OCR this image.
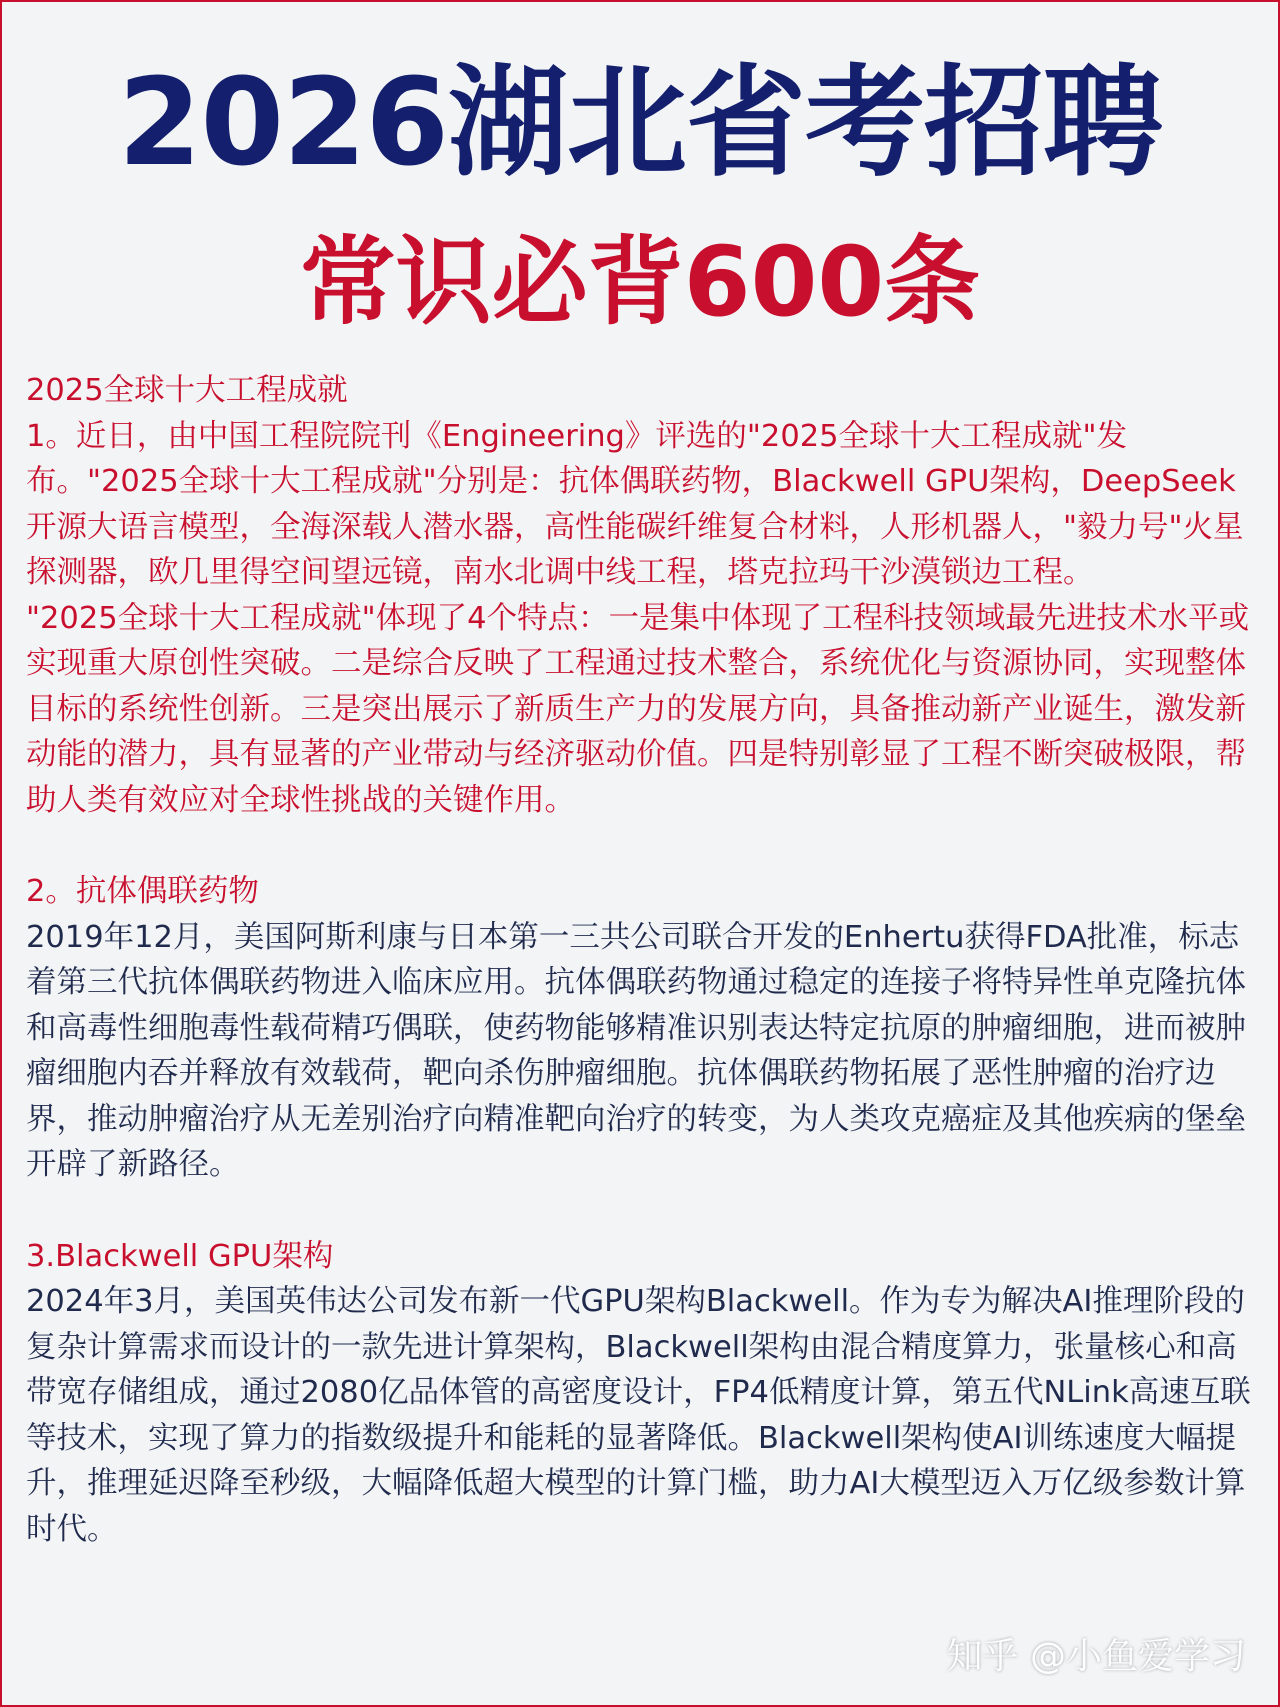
2026湖北省考招聘
常识必背600条

2025全球十大工程成就

1。近日，由中国工程院院刊《Engineering》评选的"2025全球十大工程成就"发布。"2025全球十大工程成就"分别是：抗体偶联药物，Blackwell GPU架构，DeepSeek开源大语言模型，全海深载人潜水器，高性能碳纤维复合材料，人形机器人，"毅力号"火星探测器，欧几里得空间望远镜，南水北调中线工程，塔克拉玛干沙漠锁边工程。

"2025全球十大工程成就"体现了4个特点：一是集中体现了工程科技领域最先进技术水平或实现重大原创性突破。二是综合反映了工程通过技术整合，系统优化与资源协同，实现整体目标的系统性创新。三是突出展示了新质生产力的发展方向，具备推动新产业诞生，激发新动能的潜力，具有显著的产业带动与经济驱动价值。四是特别彰显了工程不断突破极限，帮助人类有效应对全球性挑战的关键作用。

2。抗体偶联药物

2019年12月，美国阿斯利康与日本第一三共公司联合开发的Enhertu获得FDA批准，标志着第三代抗体偶联药物进入临床应用。抗体偶联药物通过稳定的连接子将特异性单克隆抗体和高毒性细胞毒性载荷精巧偶联，使药物能够精准识别表达特定抗原的肿瘤细胞，进而被肿瘤细胞内吞并释放有效载荷，靶向杀伤肿瘤细胞。抗体偶联药物拓展了恶性肿瘤的治疗边界，推动肿瘤治疗从无差别治疗向精准靶向治疗的转变，为人类攻克癌症及其他疾病的堡垒开辟了新路径。

3.Blackwell GPU架构

2024年3月，美国英伟达公司发布新一代GPU架构Blackwell。作为专为解决AI推理阶段的复杂计算需求而设计的一款先进计算架构，Blackwell架构由混合精度算力，张量核心和高带宽存储组成，通过2080亿品体管的高密度设计，FP4低精度计算，第五代NLink高速互联等技术，实现了算力的指数级提升和能耗的显著降低。Blackwell架构使AI训练速度大幅提升，推理延迟降至秒级，大幅降低超大模型的计算门槛，助力AI大模型迈入万亿级参数计算时代。

知乎 @小鱼爱学习
